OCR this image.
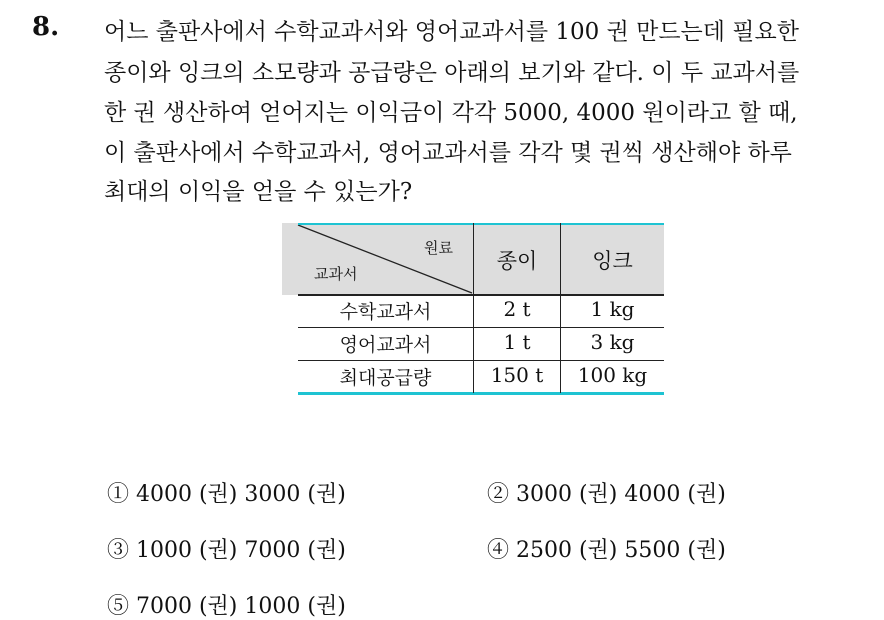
8. 어느 출판사에서 수학교과서와 영어교과서를 100 권 만드는데 필요한
종이와 잉크의 소모량과 공급량은 아래의 보기와 같다. 이 두 교과서를
한 권 생산하여 얻어지는 이익금이 각각 5000, 4000 원이라고 할 때,
이 출판사에서 수학교과서, 영어교과서를 각각 몇 권씩 생산해야 하루
최대의 이익을 얻을 수 있는가?
원료
교과서
종이	잉크
수학교과서	2 t	1 kg
영어교과서	1 t	3 kg
최대공급량	150 t	100 kg
① 4000 (권) 3000 (권)	② 3000 (권) 4000 (권)
③ 1000 (권) 7000 (권)	④ 2500 (권) 5500 (권)
⑤ 7000 (권) 1000 (권)
